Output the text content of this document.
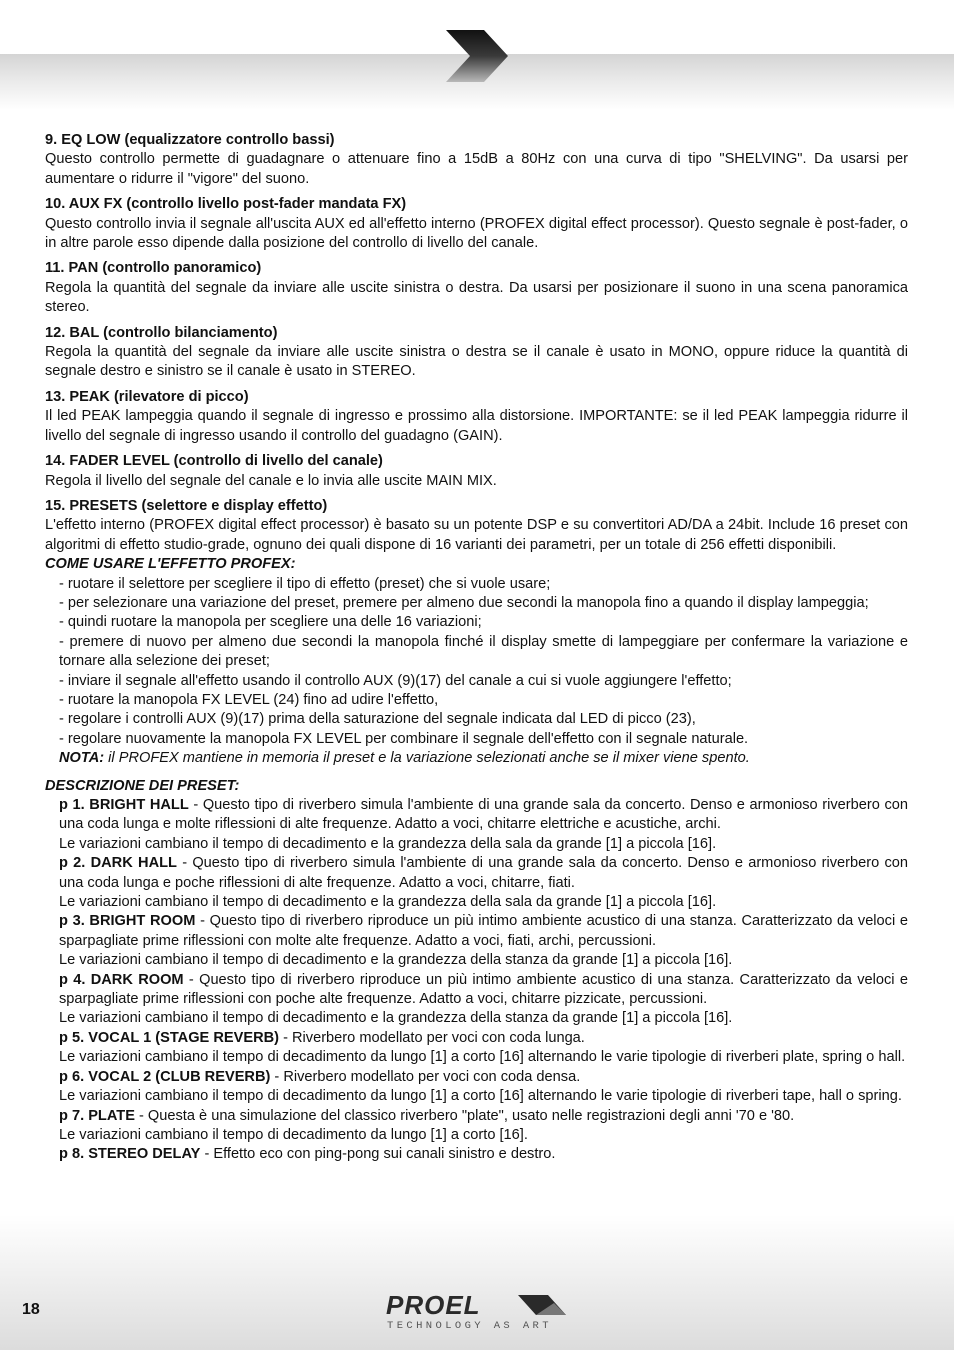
9. EQ LOW (equalizzatore controllo bassi)
Questo controllo permette di guadagnare o attenuare fino a 15dB a 80Hz con una curva di tipo "SHELVING". Da usarsi per aumentare o ridurre il "vigore" del suono.
10. AUX FX (controllo livello post-fader mandata FX)
Questo controllo invia il segnale all'uscita AUX ed all'effetto interno (PROFEX digital effect processor). Questo segnale è post-fader, o in altre parole esso dipende dalla posizione del controllo di livello del canale.
11. PAN (controllo panoramico)
Regola la quantità del segnale da inviare alle uscite sinistra o destra. Da usarsi per posizionare il suono in una scena panoramica stereo.
12. BAL (controllo bilanciamento)
Regola la quantità del segnale da inviare alle uscite sinistra o destra se il canale è usato in MONO, oppure riduce la quantità di segnale destro e sinistro se il canale è usato in STEREO.
13. PEAK (rilevatore di picco)
Il led PEAK lampeggia quando il segnale di ingresso e prossimo alla distorsione. IMPORTANTE: se il led PEAK lampeggia ridurre il livello del segnale di ingresso usando il controllo del guadagno (GAIN).
14. FADER LEVEL (controllo di livello del canale)
Regola il livello del segnale del canale e lo invia alle uscite MAIN MIX.
15. PRESETS (selettore e display effetto)
L'effetto interno (PROFEX digital effect processor) è basato su un potente DSP e su convertitori AD/DA a 24bit. Include 16 preset con algoritmi di effetto studio-grade, ognuno dei quali dispone di 16 varianti dei parametri, per un totale di 256 effetti disponibili.
COME USARE L'EFFETTO PROFEX:
- ruotare il selettore per scegliere il tipo di effetto (preset) che si vuole usare;
- per selezionare una variazione del preset, premere per almeno due secondi la manopola fino a quando il display lampeggia;
- quindi ruotare la manopola per scegliere una delle 16 variazioni;
- premere di nuovo per almeno due secondi la manopola finché il display smette di lampeggiare per confermare la variazione e tornare alla selezione dei preset;
- inviare il segnale all'effetto usando il controllo AUX (9)(17) del canale a cui si vuole aggiungere l'effetto;
- ruotare la manopola FX LEVEL (24) fino ad udire l'effetto,
- regolare i controlli AUX (9)(17) prima della saturazione del segnale indicata dal LED di picco (23),
- regolare nuovamente la manopola FX LEVEL per combinare il segnale dell'effetto con il segnale naturale.
NOTA: il PROFEX mantiene in memoria il preset e la variazione selezionati anche se il mixer viene spento.
DESCRIZIONE DEI PRESET:
p 1. BRIGHT HALL - Questo tipo di riverbero simula l'ambiente di una grande sala da concerto. Denso e armonioso riverbero con una coda lunga e molte riflessioni di alte frequenze. Adatto a voci, chitarre elettriche e acustiche, archi.
Le variazioni cambiano il tempo di decadimento e la grandezza della sala da grande [1] a piccola [16].
p 2. DARK HALL - Questo tipo di riverbero simula l'ambiente di una grande sala da concerto. Denso e armonioso riverbero con una coda lunga e poche riflessioni di alte frequenze. Adatto a voci, chitarre, fiati.
Le variazioni cambiano il tempo di decadimento e la grandezza della sala da grande [1] a piccola [16].
p 3. BRIGHT ROOM - Questo tipo di riverbero riproduce un più intimo ambiente acustico di una stanza. Caratterizzato da veloci e sparpagliate prime riflessioni con molte alte frequenze. Adatto a voci, fiati, archi, percussioni.
Le variazioni cambiano il tempo di decadimento e la grandezza della stanza da grande [1] a piccola [16].
p 4. DARK ROOM - Questo tipo di riverbero riproduce un più intimo ambiente acustico di una stanza. Caratterizzato da veloci e sparpagliate prime riflessioni con poche alte frequenze. Adatto a voci, chitarre pizzicate, percussioni.
Le variazioni cambiano il tempo di decadimento e la grandezza della stanza da grande [1] a piccola [16].
p 5. VOCAL 1 (STAGE REVERB) - Riverbero modellato per voci con coda lunga.
Le variazioni cambiano il tempo di decadimento da lungo [1] a corto [16] alternando le varie tipologie di riverberi plate, spring o hall.
p 6. VOCAL 2 (CLUB REVERB) - Riverbero modellato per voci con coda densa.
Le variazioni cambiano il tempo di decadimento da lungo [1] a corto [16] alternando le varie tipologie di riverberi tape, hall o spring.
p 7. PLATE - Questa è una simulazione del classico riverbero "plate", usato nelle registrazioni degli anni '70 e '80.
Le variazioni cambiano il tempo di decadimento da lungo [1] a corto [16].
p 8. STEREO DELAY - Effetto eco con ping-pong sui canali sinistro e destro.
18	PROEL
TECHNOLOGY AS ART
